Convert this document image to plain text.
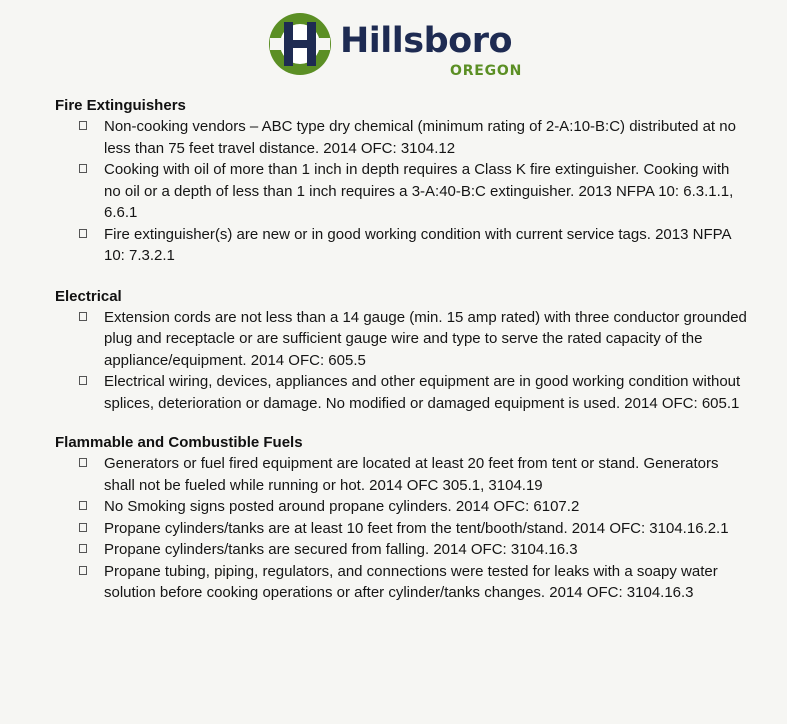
Hillsboro
OREGON
Fire Extinguishers
Non-cooking vendors – ABC type dry chemical (minimum rating of 2-A:10-B:C) distributed at no less than 75 feet travel distance. 2014 OFC: 3104.12
Cooking with oil of more than 1 inch in depth requires a Class K fire extinguisher. Cooking with no oil or a depth of less than 1 inch requires a 3-A:40-B:C extinguisher. 2013 NFPA 10: 6.3.1.1, 6.6.1
Fire extinguisher(s) are new or in good working condition with current service tags. 2013 NFPA 10: 7.3.2.1
Electrical
Extension cords are not less than a 14 gauge (min. 15 amp rated) with three conductor grounded plug and receptacle or are sufficient gauge wire and type to serve the rated capacity of the appliance/equipment. 2014 OFC: 605.5
Electrical wiring, devices, appliances and other equipment are in good working condition without splices, deterioration or damage. No modified or damaged equipment is used. 2014 OFC: 605.1
Flammable and Combustible Fuels
Generators or fuel fired equipment are located at least 20 feet from tent or stand. Generators shall not be fueled while running or hot. 2014 OFC 305.1, 3104.19
No Smoking signs posted around propane cylinders. 2014 OFC: 6107.2
Propane cylinders/tanks are at least 10 feet from the tent/booth/stand. 2014 OFC: 3104.16.2.1
Propane cylinders/tanks are secured from falling. 2014 OFC: 3104.16.3
Propane tubing, piping, regulators, and connections were tested for leaks with a soapy water solution before cooking operations or after cylinder/tanks changes. 2014 OFC: 3104.16.3
